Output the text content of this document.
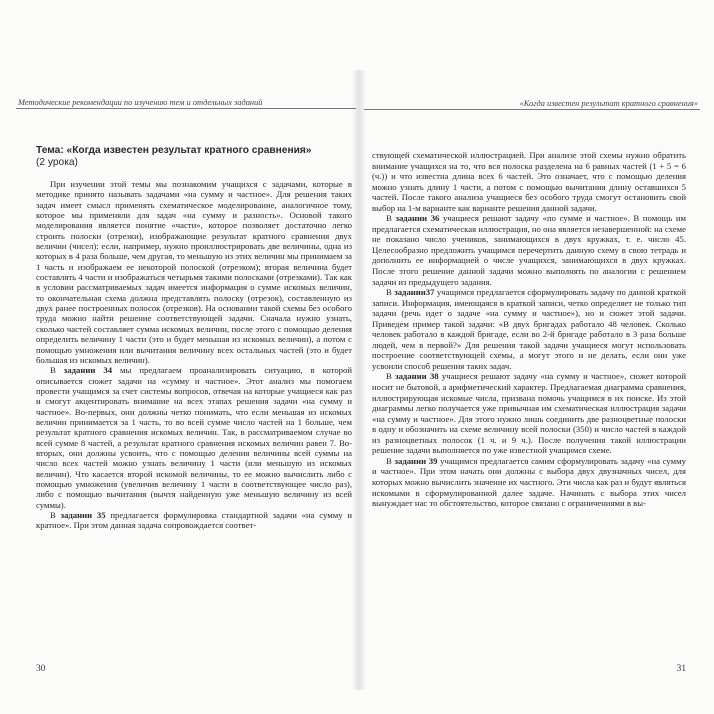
Методические рекомендации по изучению тем и отдельных заданий
Тема: «Когда известен результат кратного сравнения»
(2 урока)

При изучении этой темы мы познакомим учащихся с задачами, которые в методике принято называть задачами «на сумму и частное». Для решения таких задач имеет смысл применять схематическое моделирование, аналогичное тому, которое мы применяли для задач «на сумму и разность». Основой такого моделирования является понятие «части», которое позволяет достаточно легко строить полоски (отрезки), изображающие результат кратного сравнения двух величин (чисел): если, например, нужно проиллюстрировать две величины, одна из которых в 4 раза больше, чем другая, то меньшую из этих величин мы принимаем за 1 часть и изображаем ее некоторой полоской (отрезком); вторая величина будет составлять 4 части и изображаться четырьмя такими полосками (отрезками). Так как в условии рассматриваемых задач имеется информация о сумме искомых величин, то окончательная схема должна представлять полоску (отрезок), составленную из двух ранее построенных полосок (отрезков). На основании такой схемы без особого труда можно найти решение соответствующей задачи. Сначала нужно узнать, сколько частей составляет сумма искомых величин, после этого с помощью деления определить величину 1 части (это и будет меньшая из искомых величин), а потом с помощью умножения или вычитания величину всех остальных частей (это и будет большая из искомых величин).

В задании 34 мы предлагаем проанализировать ситуацию, в которой описывается сюжет задачи на «сумму и частное». Этот анализ мы помогаем провести учащимся за счет системы вопросов, отвечая на которые учащиеся как раз и смогут акцентировать внимание на всех этапах решения задачи «на сумму и частное». Во-первых, они должны четко понимать, что если меньшая из искомых величин принимается за 1 часть, то во всей сумме число частей на 1 больше, чем результат кратного сравнения искомых величин. Так, в рассматриваемом случае во всей сумме 8 частей, а результат кратного сравнения искомых величин равен 7. Во-вторых, они должны усвоить, что с помощью деления величины всей суммы на число всех частей можно узнать величину 1 части (или меньшую из искомых величин). Что касается второй искомой величины, то ее можно вычислить либо с помощью умножения (увеличив величину 1 части в соответствующее число раз), либо с помощью вычитания (вычтя найденную уже меньшую величину из всей суммы).

В задании 35 предлагается формулировка стандартной задачи «на сумму и кратное». При этом данная задача сопровождается соответ-

30
«Когда известен результат кратного сравнения»

ствующей схематической иллюстрацией. При анализе этой схемы нужно обратить внимание учащихся на то, что вся полоска разделена на 6 равных частей (1 + 5 = 6 (ч.)) и что известна длина всех 6 частей. Это означает, что с помощью деления можно узнать длину 1 части, а потом с помощью вычитания длину оставшихся 5 частей. После такого анализа учащиеся без особого труда смогут остановить свой выбор на 1-м варианте как варианте решения данной задачи.

В задании 36 учащиеся решают задачу «по сумме и частное». В помощь им предлагается схематическая иллюстрация, но она является незавершенной: на схеме не показано число учеников, занимающихся в двух кружках, т. е. число 45. Целесообразно предложить учащимся перечертить данную схему в свою тетрадь и дополнить ее информацией о числе учащихся, занимающихся в двух кружках. После этого решение данной задачи можно выполнять по аналогии с решением задачи из предыдущего задания.

В задании37 учащимся предлагается сформулировать задачу по данной краткой записи. Информация, имеющаяся в краткой записи, четко определяет не только тип задачи (речь идет о задаче «на сумму и частное»), но и сюжет этой задачи. Приведем пример такой задачи: «В двух бригадах работало 48 человек. Сколько человек работало в каждой бригаде, если во 2-й бригаде работало в 3 раза больше людей, чем в первой?» Для решения такой задачи учащиеся могут использовать построение соответствующей схемы, а могут этого и не делать, если они уже усвоили способ решения таких задач.

В задании 38 учащиеся решают задачу «на сумму и частное», сюжет которой носит не бытовой, а арифметический характер. Предлагаемая диаграмма сравнения, иллюстрирующая искомые числа, призвана помочь учащимся в их поиске. Из этой диаграммы легко получается уже привычная им схематическая иллюстрация задачи «на сумму и частное». Для этого нужно лишь соединить две разноцветные полоски в одну и обозначить на схеме величину всей полоски (350) и число частей в каждой из разноцветных полосок (1 ч. и 9 ч.). После получения такой иллюстрации решение задачи выполняется по уже известной учащимся схеме.

В задании 39 учащимся предлагается самим сформулировать задачу «на сумму и частное». При этом начать они должны с выбора двух двузначных чисел, для которых можно вычислить значение их частного. Эти числа как раз и будут являться искомыми в сформулированной далее задаче. Начинать с выбора этих чисел вынуждает нас то обстоятельство, которое связано с ограничениями в вы-

31
